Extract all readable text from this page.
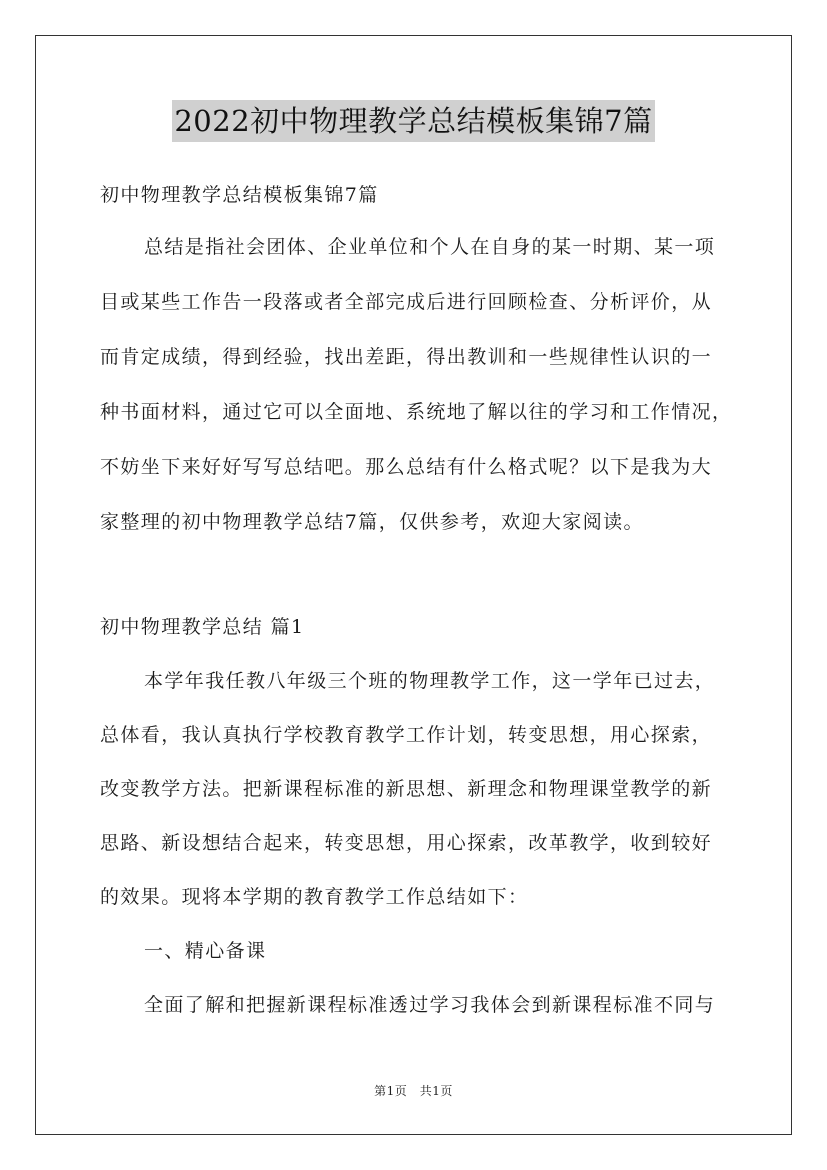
2022初中物理教学总结模板集锦7篇
初中物理教学总结模板集锦7篇
总结是指社会团体、企业单位和个人在自身的某一时期、某一项
目或某些工作告一段落或者全部完成后进行回顾检查、分析评价，从
而肯定成绩，得到经验，找出差距，得出教训和一些规律性认识的一
种书面材料，通过它可以全面地、系统地了解以往的学习和工作情况，
不妨坐下来好好写写总结吧。那么总结有什么格式呢？以下是我为大
家整理的初中物理教学总结7篇，仅供参考，欢迎大家阅读。
初中物理教学总结 篇1
本学年我任教八年级三个班的物理教学工作，这一学年已过去，
总体看，我认真执行学校教育教学工作计划，转变思想，用心探索，
改变教学方法。把新课程标准的新思想、新理念和物理课堂教学的新
思路、新设想结合起来，转变思想，用心探索，改革教学，收到较好
的效果。现将本学期的教育教学工作总结如下：
一、精心备课
全面了解和把握新课程标准透过学习我体会到新课程标准不同与
第1页　共1页
